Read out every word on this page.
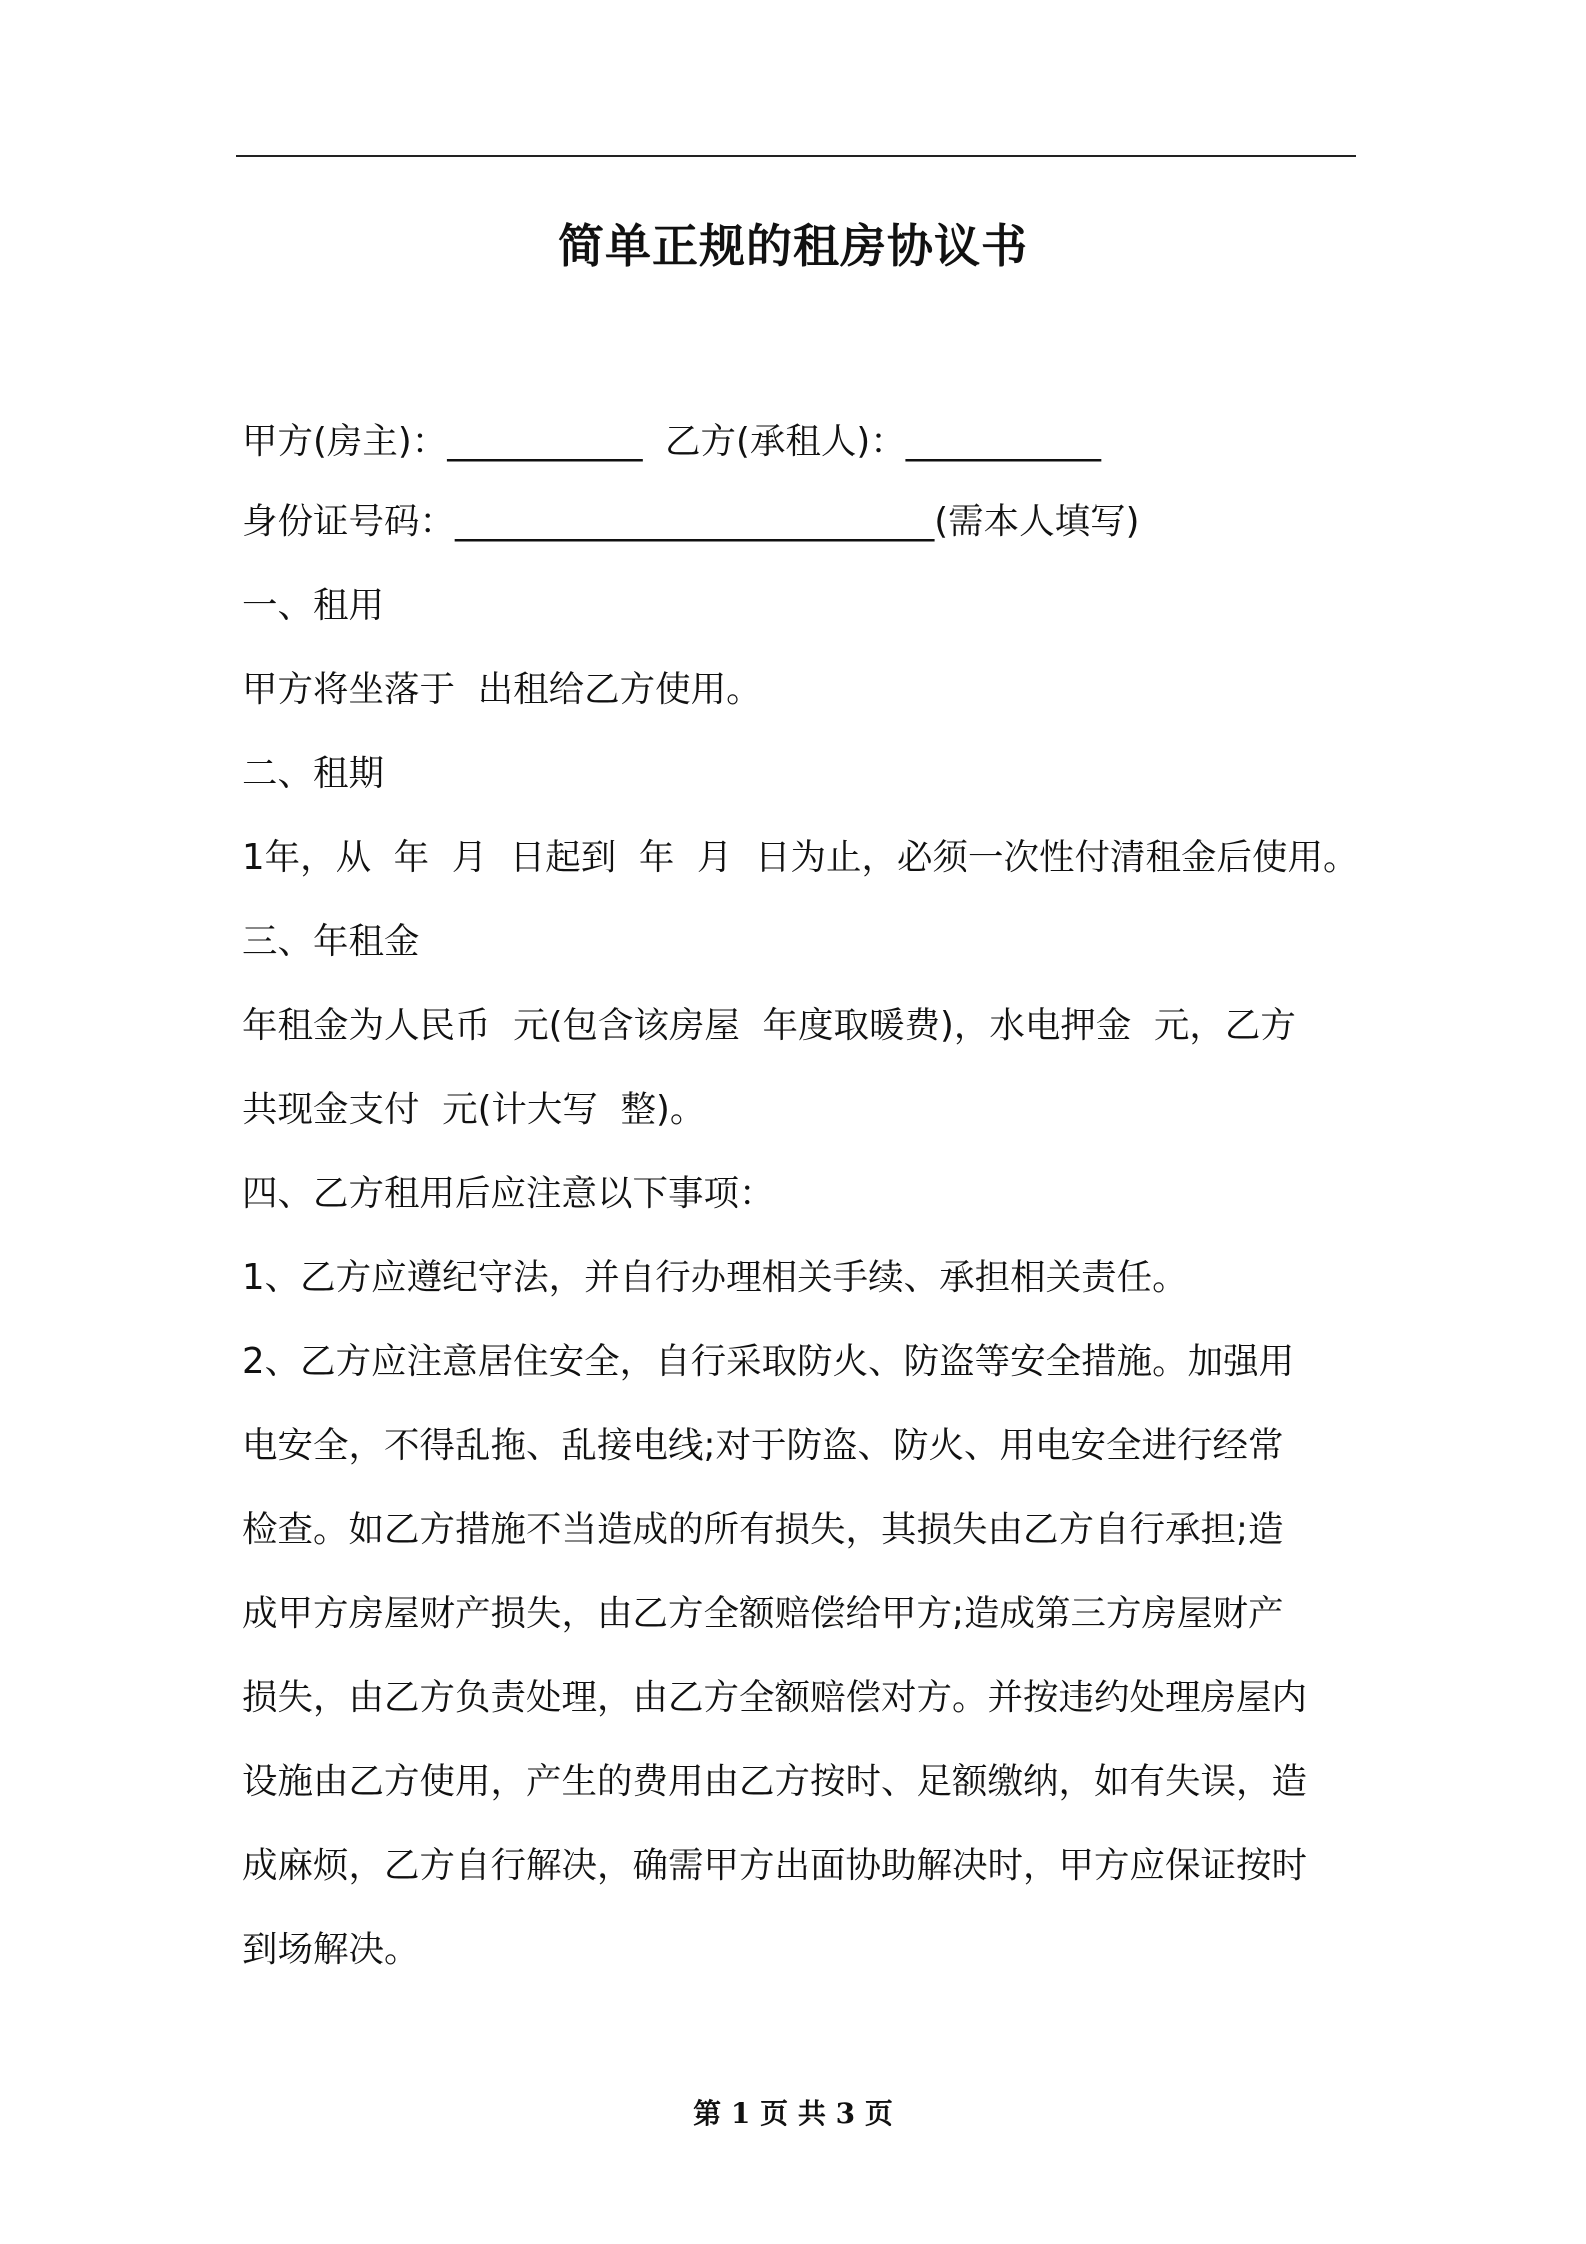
简单正规的租房协议书
甲方(房主)：___________  乙方(承租人)：___________
身份证号码：___________________________(需本人填写)
一、租用
甲方将坐落于  出租给乙方使用。
二、租期
1年，从  年  月  日起到  年  月  日为止，必须一次性付清租金后使用。
三、年租金
年租金为人民币  元(包含该房屋  年度取暖费)，水电押金  元，乙方
共现金支付  元(计大写  整)。
四、乙方租用后应注意以下事项：
1、乙方应遵纪守法，并自行办理相关手续、承担相关责任。
2、乙方应注意居住安全，自行采取防火、防盗等安全措施。加强用
电安全，不得乱拖、乱接电线;对于防盗、防火、用电安全进行经常
检查。如乙方措施不当造成的所有损失，其损失由乙方自行承担;造
成甲方房屋财产损失，由乙方全额赔偿给甲方;造成第三方房屋财产
损失，由乙方负责处理，由乙方全额赔偿对方。并按违约处理房屋内
设施由乙方使用，产生的费用由乙方按时、足额缴纳，如有失误，造
成麻烦，乙方自行解决，确需甲方出面协助解决时，甲方应保证按时
到场解决。
第 1 页 共 3 页
